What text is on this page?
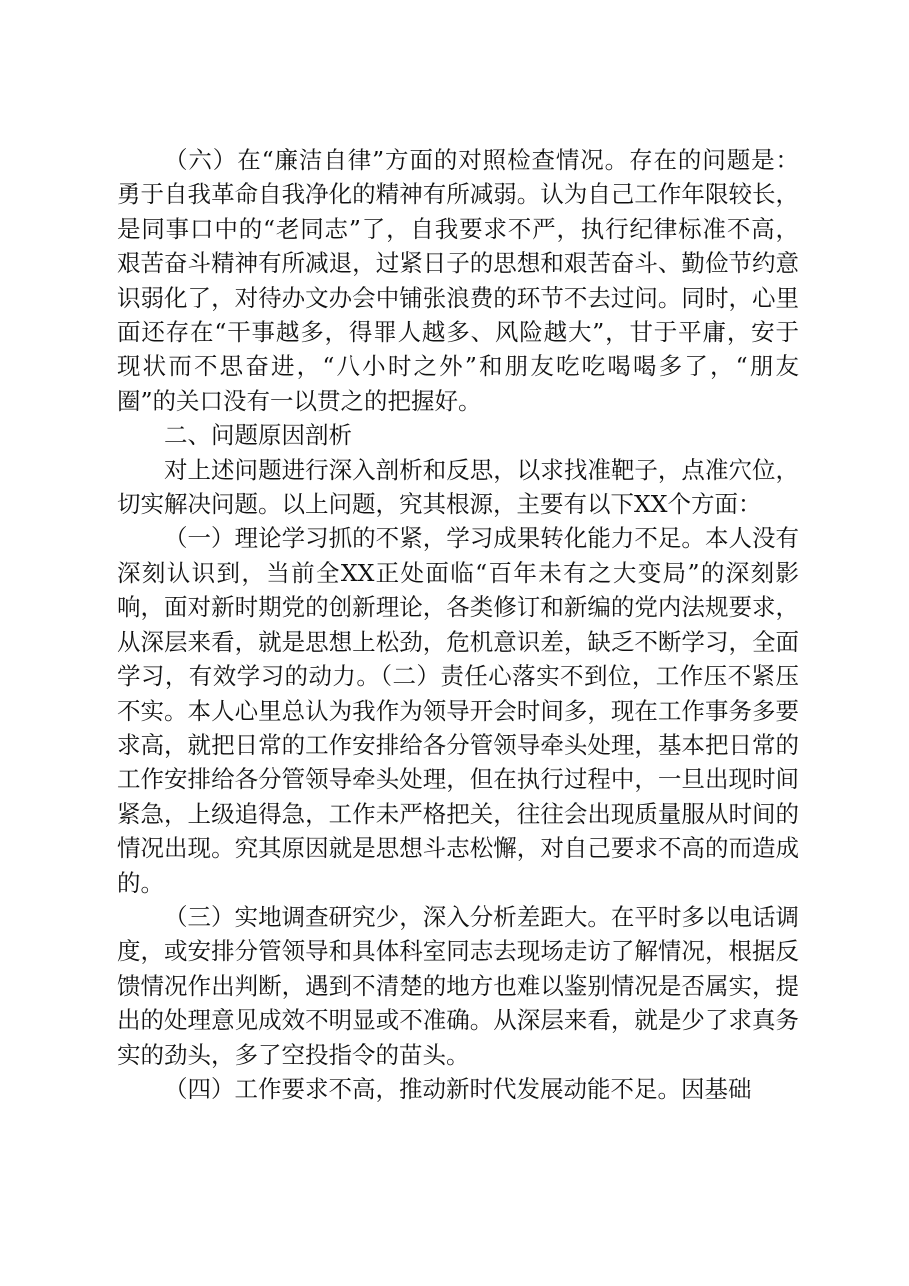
（六）在“廉洁自律”方面的对照检查情况。存在的问题是：勇于自我革命自我净化的精神有所减弱。认为自己工作年限较长，是同事口中的“老同志”了，自我要求不严，执行纪律标准不高，艰苦奋斗精神有所减退，过紧日子的思想和艰苦奋斗、勤俭节约意识弱化了，对待办文办会中铺张浪费的环节不去过问。同时，心里面还存在“干事越多，得罪人越多、风险越大”，甘于平庸，安于现状而不思奋进，“八小时之外”和朋友吃吃喝喝多了，“朋友圈”的关口没有一以贯之的把握好。

二、问题原因剖析

对上述问题进行深入剖析和反思，以求找准靶子，点准穴位，切实解决问题。以上问题，究其根源，主要有以下XX个方面：

（一）理论学习抓的不紧，学习成果转化能力不足。本人没有深刻认识到，当前全XX正处面临“百年未有之大变局”的深刻影响，面对新时期党的创新理论，各类修订和新编的党内法规要求，从深层来看，就是思想上松劲，危机意识差，缺乏不断学习，全面学习，有效学习的动力。（二）责任心落实不到位，工作压不紧压不实。本人心里总认为我作为领导开会时间多，现在工作事务多要求高，就把日常的工作安排给各分管领导牵头处理，基本把日常的工作安排给各分管领导牵头处理，但在执行过程中，一旦出现时间紧急，上级追得急，工作未严格把关，往往会出现质量服从时间的情况出现。究其原因就是思想斗志松懈，对自己要求不高的而造成的。

（三）实地调查研究少，深入分析差距大。在平时多以电话调度，或安排分管领导和具体科室同志去现场走访了解情况，根据反馈情况作出判断，遇到不清楚的地方也难以鉴别情况是否属实，提出的处理意见成效不明显或不准确。从深层来看，就是少了求真务实的劲头，多了空投指令的苗头。

（四）工作要求不高，推动新时代发展动能不足。因基础
